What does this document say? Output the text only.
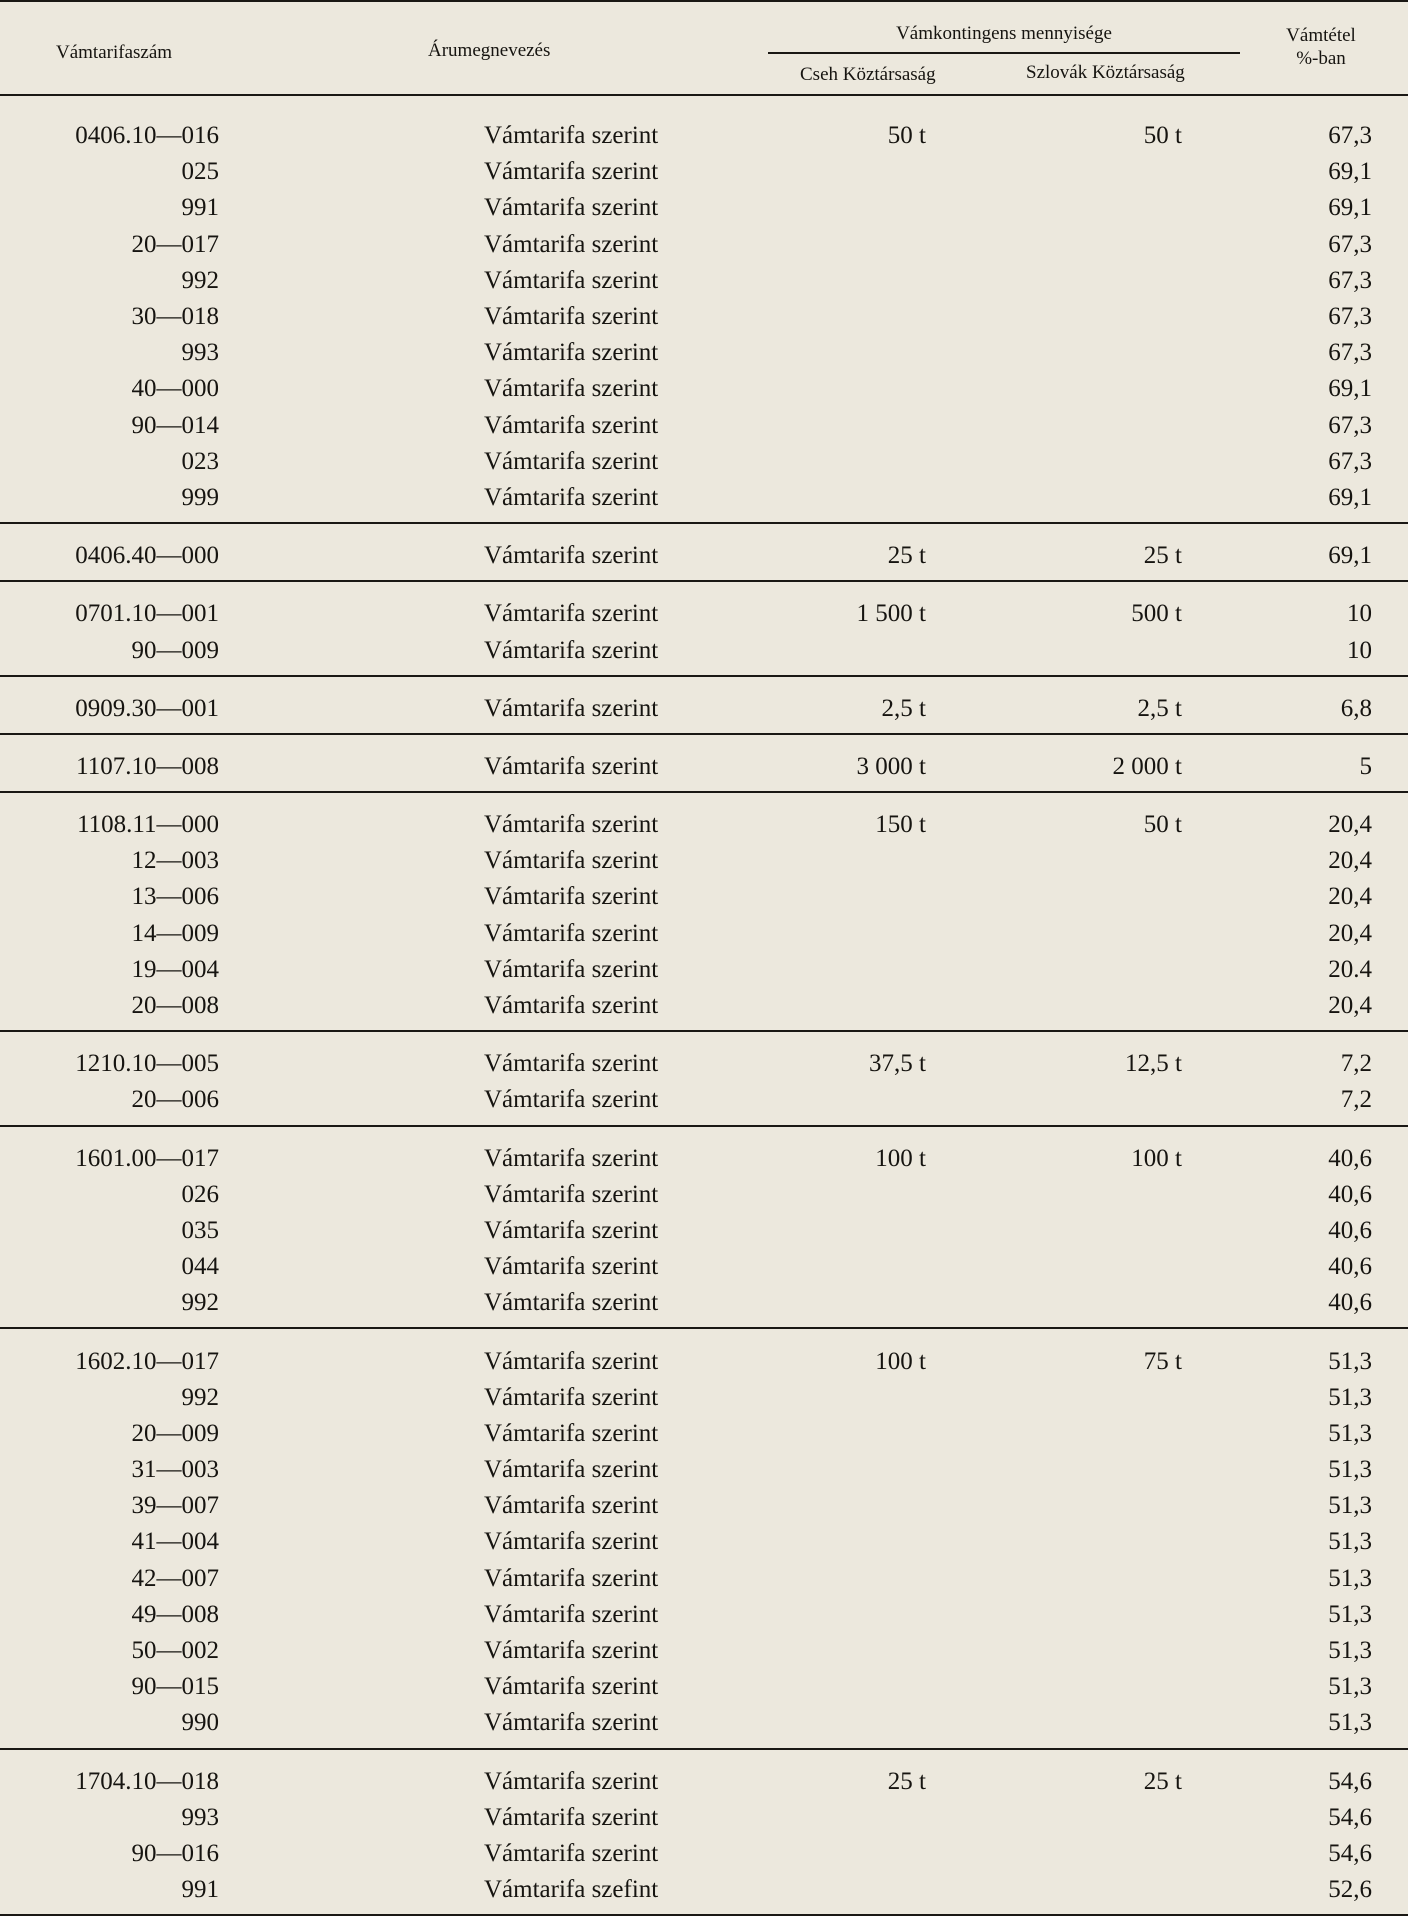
Vámtarifaszám	Árumegnevezés
Vámkontingens mennyisége
Cseh Köztársaság	Szlovák Köztársaság
Vámtétel
%-ban
0406.10—016	Vámtarifa szerint	50 t	50 t	67,3
025	Vámtarifa szerint			69,1
991	Vámtarifa szerint			69,1
20—017	Vámtarifa szerint			67,3
992	Vámtarifa szerint			67,3
30—018	Vámtarifa szerint			67,3
993	Vámtarifa szerint			67,3
40—000	Vámtarifa szerint			69,1
90—014	Vámtarifa szerint			67,3
023	Vámtarifa szerint			67,3
999	Vámtarifa szerint			69,1
0406.40—000	Vámtarifa szerint	25 t	25 t	69,1
0701.10—001	Vámtarifa szerint	1 500 t	500 t	10
90—009	Vámtarifa szerint			10
0909.30—001	Vámtarifa szerint	2,5 t	2,5 t	6,8
1107.10—008	Vámtarifa szerint	3 000 t	2 000 t	5
1108.11—000	Vámtarifa szerint	150 t	50 t	20,4
12—003	Vámtarifa szerint			20,4
13—006	Vámtarifa szerint			20,4
14—009	Vámtarifa szerint			20,4
19—004	Vámtarifa szerint			20.4
20—008	Vámtarifa szerint			20,4
1210.10—005	Vámtarifa szerint	37,5 t	12,5 t	7,2
20—006	Vámtarifa szerint			7,2
1601.00—017	Vámtarifa szerint	100 t	100 t	40,6
026	Vámtarifa szerint			40,6
035	Vámtarifa szerint			40,6
044	Vámtarifa szerint			40,6
992	Vámtarifa szerint			40,6
1602.10—017	Vámtarifa szerint	100 t	75 t	51,3
992	Vámtarifa szerint			51,3
20—009	Vámtarifa szerint			51,3
31—003	Vámtarifa szerint			51,3
39—007	Vámtarifa szerint			51,3
41—004	Vámtarifa szerint			51,3
42—007	Vámtarifa szerint			51,3
49—008	Vámtarifa szerint			51,3
50—002	Vámtarifa szerint			51,3
90—015	Vámtarifa szerint			51,3
990	Vámtarifa szerint			51,3
1704.10—018	Vámtarifa szerint	25 t	25 t	54,6
993	Vámtarifa szerint			54,6
90—016	Vámtarifa szerint			54,6
991	Vámtarifa szefint			52,6
